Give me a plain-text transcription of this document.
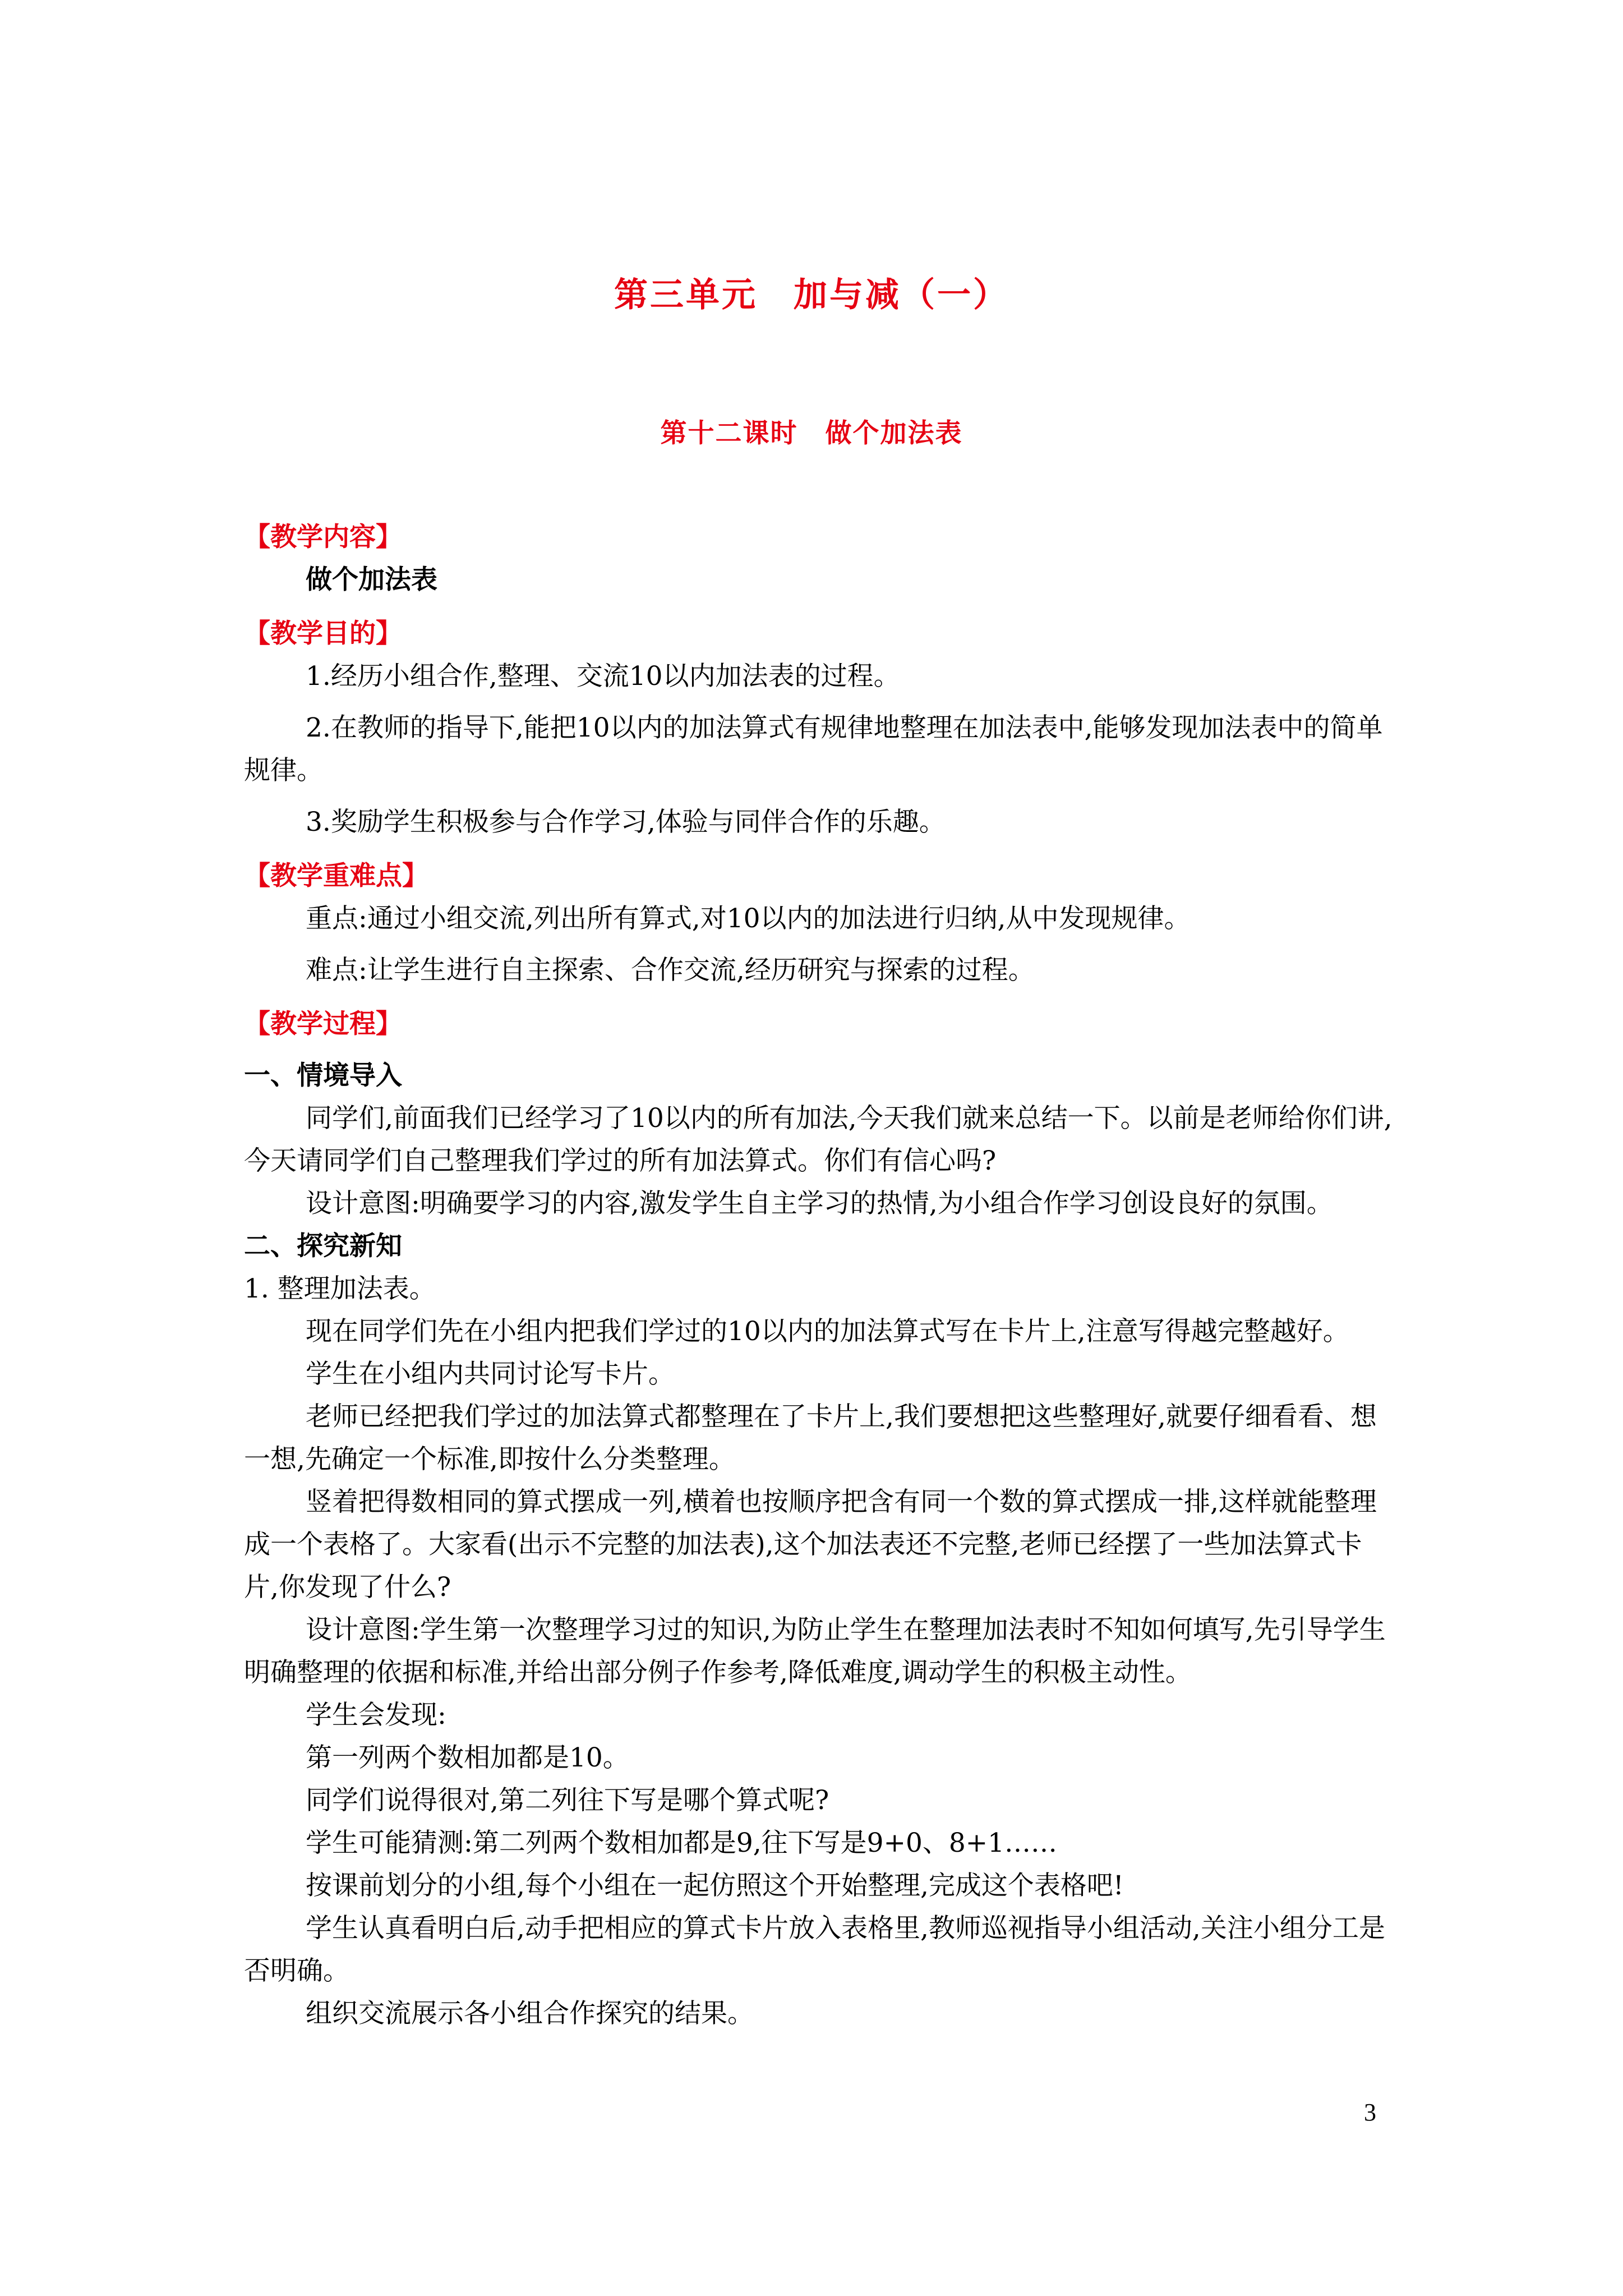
第三单元　加与减（一）
第十二课时　做个加法表

【教学内容】

做个加法表

【教学目的】

1.经历小组合作,整理、交流10以内加法表的过程。

2.在教师的指导下,能把10以内的加法算式有规律地整理在加法表中,能够发现加法表中的简单规律。

3.奖励学生积极参与合作学习,体验与同伴合作的乐趣。

【教学重难点】

重点:通过小组交流,列出所有算式,对10以内的加法进行归纳,从中发现规律。

难点:让学生进行自主探索、合作交流,经历研究与探索的过程。

【教学过程】

一、情境导入

同学们,前面我们已经学习了10以内的所有加法,今天我们就来总结一下。以前是老师给你们讲,今天请同学们自己整理我们学过的所有加法算式。你们有信心吗?

设计意图:明确要学习的内容,激发学生自主学习的热情,为小组合作学习创设良好的氛围。

二、探究新知

1. 整理加法表。

现在同学们先在小组内把我们学过的10以内的加法算式写在卡片上,注意写得越完整越好。

学生在小组内共同讨论写卡片。

老师已经把我们学过的加法算式都整理在了卡片上,我们要想把这些整理好,就要仔细看看、想一想,先确定一个标准,即按什么分类整理。

竖着把得数相同的算式摆成一列,横着也按顺序把含有同一个数的算式摆成一排,这样就能整理成一个表格了。大家看(出示不完整的加法表),这个加法表还不完整,老师已经摆了一些加法算式卡片,你发现了什么?

设计意图:学生第一次整理学习过的知识,为防止学生在整理加法表时不知如何填写,先引导学生明确整理的依据和标准,并给出部分例子作参考,降低难度,调动学生的积极主动性。

学生会发现:

第一列两个数相加都是10。

同学们说得很对,第二列往下写是哪个算式呢?

学生可能猜测:第二列两个数相加都是9,往下写是9+0、8+1……

按课前划分的小组,每个小组在一起仿照这个开始整理,完成这个表格吧!

学生认真看明白后,动手把相应的算式卡片放入表格里,教师巡视指导小组活动,关注小组分工是否明确。

组织交流展示各小组合作探究的结果。

3
